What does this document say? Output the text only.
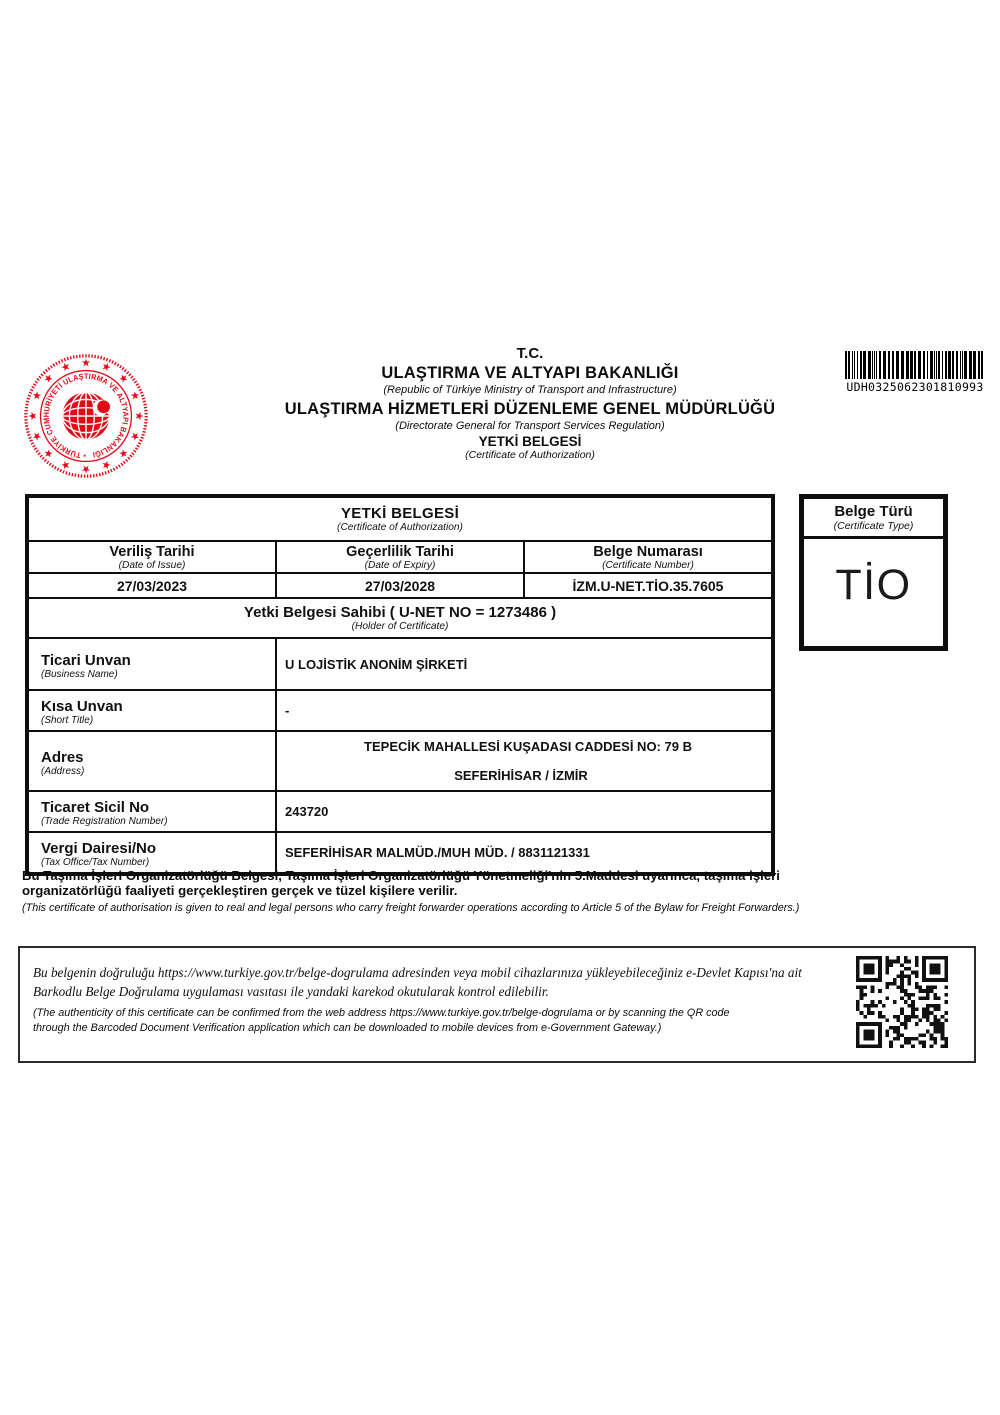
• TÜRKİYE CUMHURİYETİ ULAŞTIRMA VE ALTYAPI BAKANLIĞI
T.C.
ULAŞTIRMA VE ALTYAPI BAKANLIĞI
(Republic of Türkiye Ministry of Transport and Infrastructure)
ULAŞTIRMA HİZMETLERİ DÜZENLEME GENEL MÜDÜRLÜĞÜ
(Directorate General for Transport Services Regulation)
YETKİ BELGESİ
(Certificate of Authorization)
UDH0325062301810993
YETKİ BELGESİ
(Certificate of Authorization)
Veriliş Tarihi
(Date of Issue)
Geçerlilik Tarihi
(Date of Expiry)
Belge Numarası
(Certificate Number)
27/03/2023	27/03/2028	İZM.U-NET.TİO.35.7605
Yetki Belgesi Sahibi ( U-NET NO = 1273486 )
(Holder of Certificate)
Ticari Unvan
(Business Name)
U LOJİSTİK ANONİM ŞİRKETİ
Kısa Unvan
(Short Title)
-
Adres
(Address)
TEPECİK MAHALLESİ KUŞADASI CADDESİ NO: 79 B
SEFERİHİSAR / İZMİR
Ticaret Sicil No
(Trade Registration Number)
243720
Vergi Dairesi/No
(Tax Office/Tax Number)
SEFERİHİSAR MALMÜD./MUH MÜD. / 8831121331
Belge Türü
(Certificate Type)
TİO
Bu Taşıma İşleri Organizatörlüğü Belgesi, Taşıma İşleri Organizatörlüğü Yönetmeliği'nin 5.Maddesi uyarınca, taşıma işleri organizatörlüğü faaliyeti gerçekleştiren gerçek ve tüzel kişilere verilir.
(This certificate of authorisation is given to real and legal persons who carry freight forwarder operations according to Article 5 of the Bylaw for Freight Forwarders.)
Bu belgenin doğruluğu https://www.turkiye.gov.tr/belge-dogrulama adresinden veya mobil cihazlarınıza yükleyebileceğiniz e-Devlet Kapısı'na ait Barkodlu Belge Doğrulama uygulaması vasıtası ile yandaki karekod okutularak kontrol edilebilir.
(The authenticity of this certificate can be confirmed from the web address https://www.turkiye.gov.tr/belge-dogrulama or by scanning the QR code through the Barcoded Document Verification application which can be downloaded to mobile devices from e-Government Gateway.)
